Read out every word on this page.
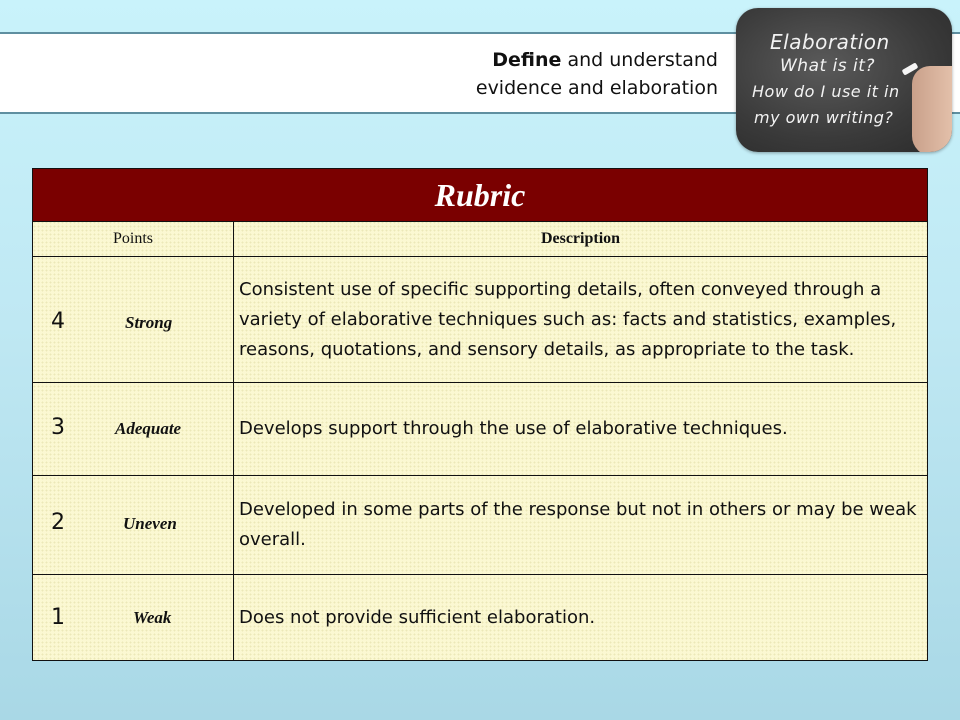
Define and understand
evidence and elaboration
Elaboration
What is it?
How do I use it in
my own writing?
Rubric	
Points	Description

4 Strong	Consistent use of specific supporting details, often conveyed through a variety of elaborative techniques such as: facts and statistics, examples, reasons, quotations, and sensory details, as appropriate to the task.

3 Adequate	Develops support through the use of elaborative techniques.

2 Uneven	Developed in some parts of the response but not in others or may be weak overall.

1 Weak	Does not provide sufficient elaboration.
